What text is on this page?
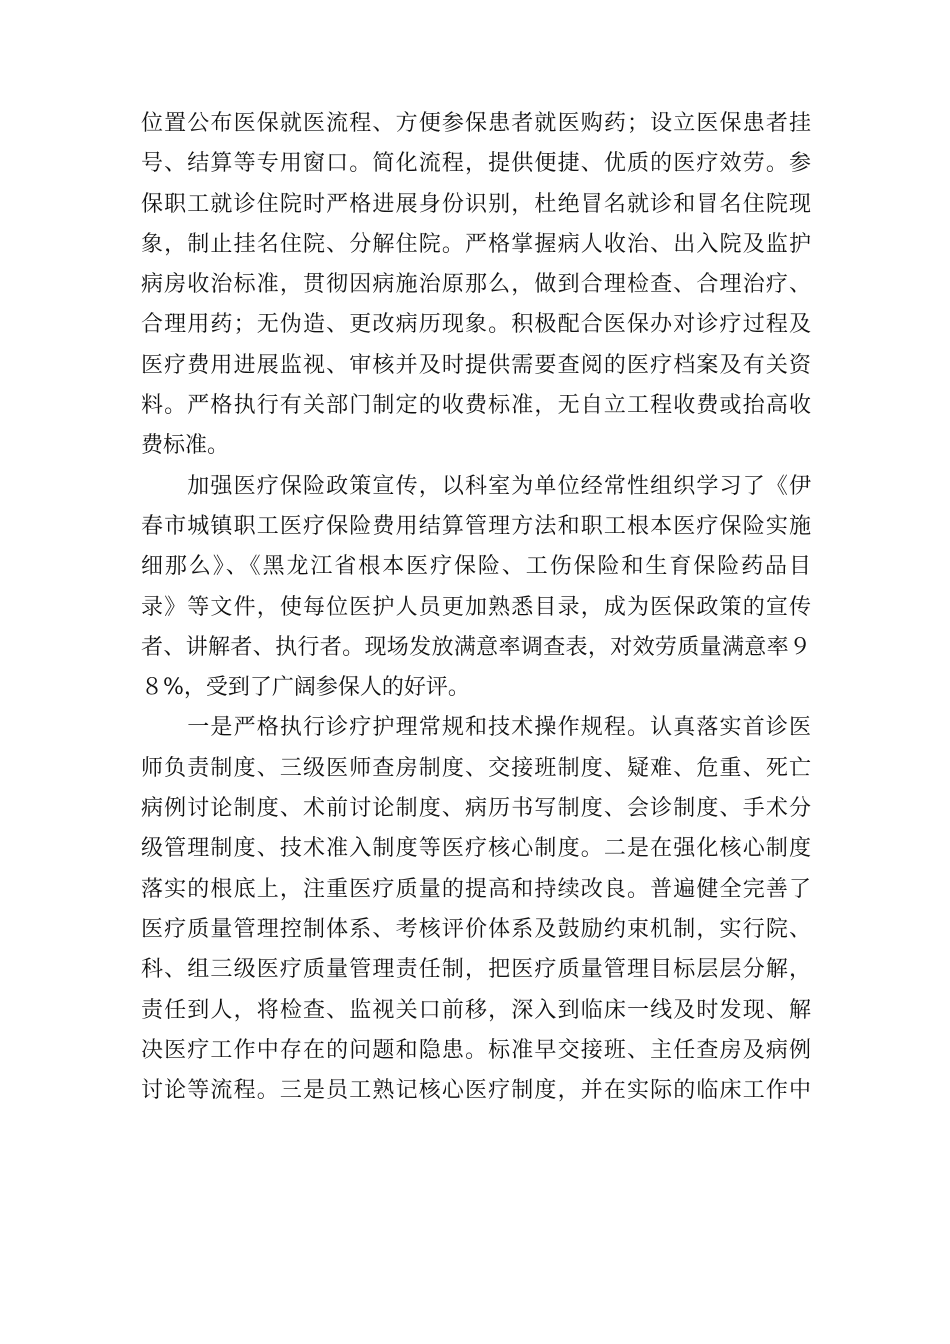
位置公布医保就医流程、方便参保患者就医购药；设立医保患者挂
号、结算等专用窗口。简化流程，提供便捷、优质的医疗效劳。参
保职工就诊住院时严格进展身份识别，杜绝冒名就诊和冒名住院现
象，制止挂名住院、分解住院。严格掌握病人收治、出入院及监护
病房收治标准，贯彻因病施治原那么，做到合理检查、合理治疗、
合理用药；无伪造、更改病历现象。积极配合医保办对诊疗过程及
医疗费用进展监视、审核并及时提供需要查阅的医疗档案及有关资
料。严格执行有关部门制定的收费标准，无自立工程收费或抬高收
费标准。
　　加强医疗保险政策宣传，以科室为单位经常性组织学习了《伊
春市城镇职工医疗保险费用结算管理方法和职工根本医疗保险实施
细那么》、《黑龙江省根本医疗保险、工伤保险和生育保险药品目
录》等文件，使每位医护人员更加熟悉目录，成为医保政策的宣传
者、讲解者、执行者。现场发放满意率调查表，对效劳质量满意率９
８%，受到了广阔参保人的好评。
　　一是严格执行诊疗护理常规和技术操作规程。认真落实首诊医
师负责制度、三级医师查房制度、交接班制度、疑难、危重、死亡
病例讨论制度、术前讨论制度、病历书写制度、会诊制度、手术分
级管理制度、技术准入制度等医疗核心制度。二是在强化核心制度
落实的根底上，注重医疗质量的提高和持续改良。普遍健全完善了
医疗质量管理控制体系、考核评价体系及鼓励约束机制，实行院、
科、组三级医疗质量管理责任制，把医疗质量管理目标层层分解，
责任到人，将检查、监视关口前移，深入到临床一线及时发现、解
决医疗工作中存在的问题和隐患。标准早交接班、主任查房及病例
讨论等流程。三是员工熟记核心医疗制度，并在实际的临床工作中
